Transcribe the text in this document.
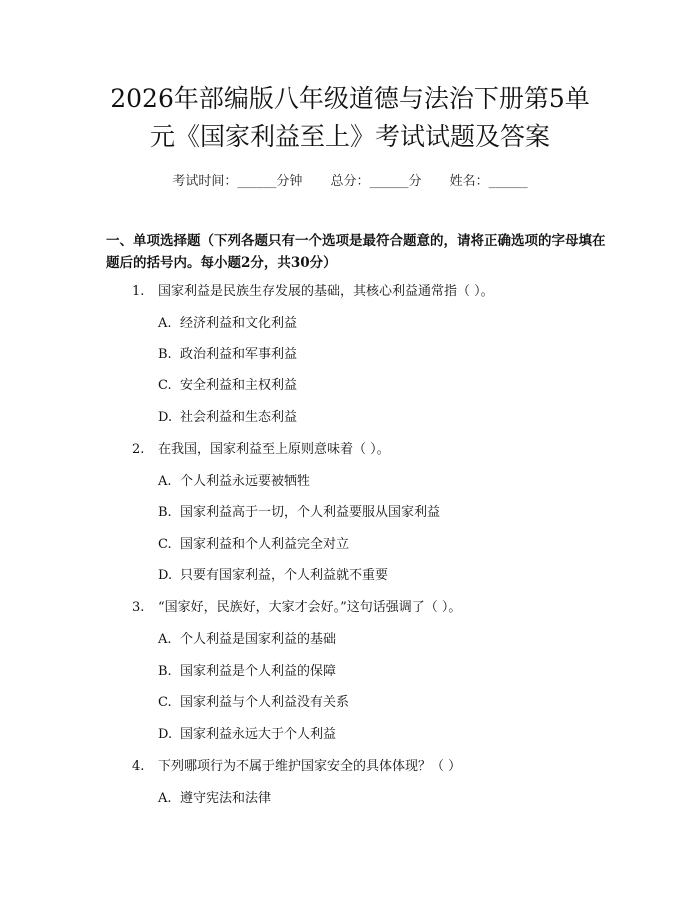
2026年部编版八年级道德与法治下册第5单
元《国家利益至上》考试试题及答案
考试时间：______分钟 总分：______分 姓名：______
一、单项选择题（下列各题只有一个选项是最符合题意的，请将正确选项的字母填在题后的括号内。每小题2分，共30分）
1. 国家利益是民族生存发展的基础，其核心利益通常指（ ）。
A. 经济利益和文化利益
B. 政治利益和军事利益
C. 安全利益和主权利益
D. 社会利益和生态利益
2. 在我国，国家利益至上原则意味着（ ）。
A. 个人利益永远要被牺牲
B. 国家利益高于一切，个人利益要服从国家利益
C. 国家利益和个人利益完全对立
D. 只要有国家利益，个人利益就不重要
3. “国家好，民族好，大家才会好。”这句话强调了（ ）。
A. 个人利益是国家利益的基础
B. 国家利益是个人利益的保障
C. 国家利益与个人利益没有关系
D. 国家利益永远大于个人利益
4. 下列哪项行为不属于维护国家安全的具体体现？（ ）
A. 遵守宪法和法律
